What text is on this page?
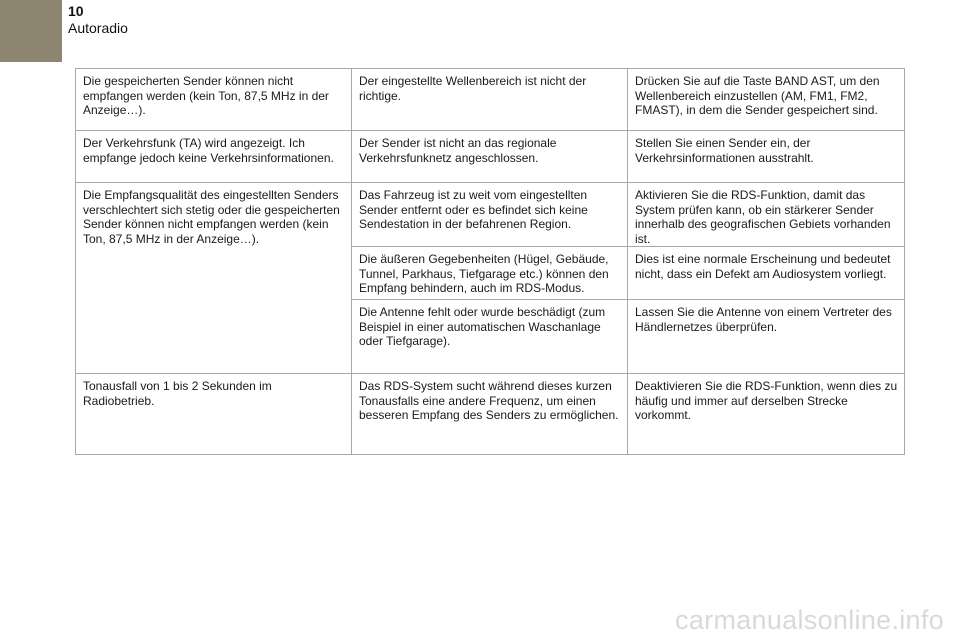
10
Autoradio
Die gespeicherten Sender können nicht empfangen werden (kein Ton, 87,5 MHz in der Anzeige…).	Der eingestellte Wellenbereich ist nicht der richtige.	Drücken Sie auf die Taste BAND AST, um den Wellenbereich einzustellen (AM, FM1, FM2, FMAST), in dem die Sender gespeichert sind.
Der Verkehrsfunk (TA) wird angezeigt. Ich empfange jedoch keine Verkehrsinformationen.	Der Sender ist nicht an das regionale Verkehrsfunknetz angeschlossen.	Stellen Sie einen Sender ein, der Verkehrsinformationen ausstrahlt.
Die Empfangsqualität des eingestellten Senders verschlechtert sich stetig oder die gespeicherten Sender können nicht empfangen werden (kein Ton, 87,5 MHz in der Anzeige…).	Das Fahrzeug ist zu weit vom eingestellten Sender entfernt oder es befindet sich keine Sendestation in der befahrenen Region.	Aktivieren Sie die RDS-Funktion, damit das System prüfen kann, ob ein stärkerer Sender innerhalb des geografischen Gebiets vorhanden ist.
	Die äußeren Gegebenheiten (Hügel, Gebäude, Tunnel, Parkhaus, Tiefgarage etc.) können den Empfang behindern, auch im RDS-Modus.	Dies ist eine normale Erscheinung und bedeutet nicht, dass ein Defekt am Audiosystem vorliegt.
	Die Antenne fehlt oder wurde beschädigt (zum Beispiel in einer automatischen Waschanlage oder Tiefgarage).	Lassen Sie die Antenne von einem Vertreter des Händlernetzes überprüfen.
Tonausfall von 1 bis 2 Sekunden im Radiobetrieb.	Das RDS-System sucht während dieses kurzen Tonausfalls eine andere Frequenz, um einen besseren Empfang des Senders zu ermöglichen.	Deaktivieren Sie die RDS-Funktion, wenn dies zu häufig und immer auf derselben Strecke vorkommt.
carmanualsonline.info
